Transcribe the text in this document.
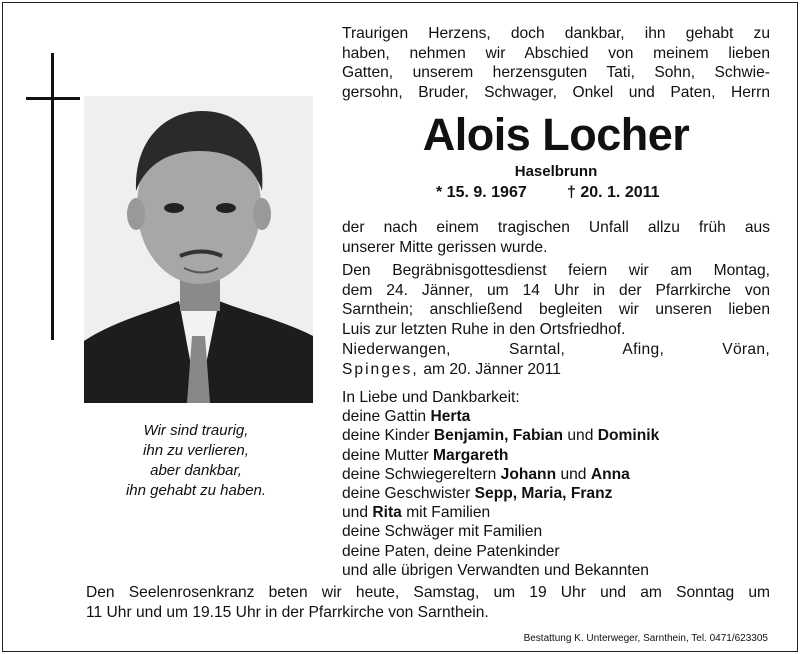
Wir sind traurig,
ihn zu verlieren,
aber dankbar,
ihn gehabt zu haben.
Traurigen Herzens, doch dankbar, ihn gehabt zu
haben, nehmen wir Abschied von meinem lieben
Gatten, unserem herzensguten Tati, Sohn, Schwie-
gersohn, Bruder, Schwager, Onkel und Paten, Herrn
Alois Locher
Haselbrunn
* 15. 9. 1967	† 20. 1. 2011
der nach einem tragischen Unfall allzu früh aus
unserer Mitte gerissen wurde.
Den Begräbnisgottesdienst feiern wir am Montag,
dem 24. Jänner, um 14 Uhr in der Pfarrkirche von
Sarnthein; anschließend begleiten wir unseren lieben
Luis zur letzten Ruhe in den Ortsfriedhof.
Niederwangen, Sarntal, Afing, Vöran,
Spinges, am 20. Jänner 2011
In Liebe und Dankbarkeit:
deine Gattin Herta
deine Kinder Benjamin, Fabian und Dominik
deine Mutter Margareth
deine Schwiegereltern Johann und Anna
deine Geschwister Sepp, Maria, Franz
und Rita mit Familien
deine Schwäger mit Familien
deine Paten, deine Patenkinder
und alle übrigen Verwandten und Bekannten
Den Seelenrosenkranz beten wir heute, Samstag, um 19 Uhr und am Sonntag um
11 Uhr und um 19.15 Uhr in der Pfarrkirche von Sarnthein.
Bestattung K. Unterweger, Sarnthein, Tel. 0471/623305
